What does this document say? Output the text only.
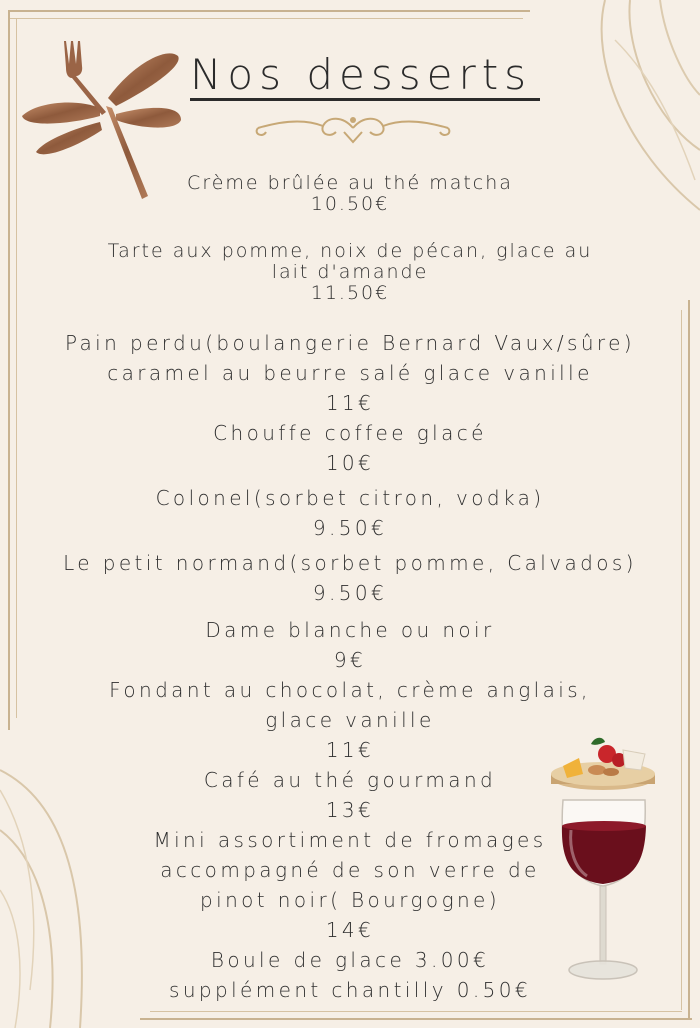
Nos desserts
Crème brûlée au thé matcha
10.50€
Tarte aux pomme, noix de pécan, glace au
lait d'amande
11.50€
Pain perdu(boulangerie Bernard Vaux/sûre)
caramel au beurre salé glace vanille
11€
Chouffe coffee glacé
10€
Colonel(sorbet citron, vodka)
9.50€
Le petit normand(sorbet pomme, Calvados)
9.50€
Dame blanche ou noir
9€
Fondant au chocolat, crème anglais,
glace vanille
11€
Café au thé gourmand
13€
Mini assortiment de fromages
accompagné de son verre de
pinot noir( Bourgogne)
14€
Boule de glace 3.00€
supplément chantilly 0.50€
